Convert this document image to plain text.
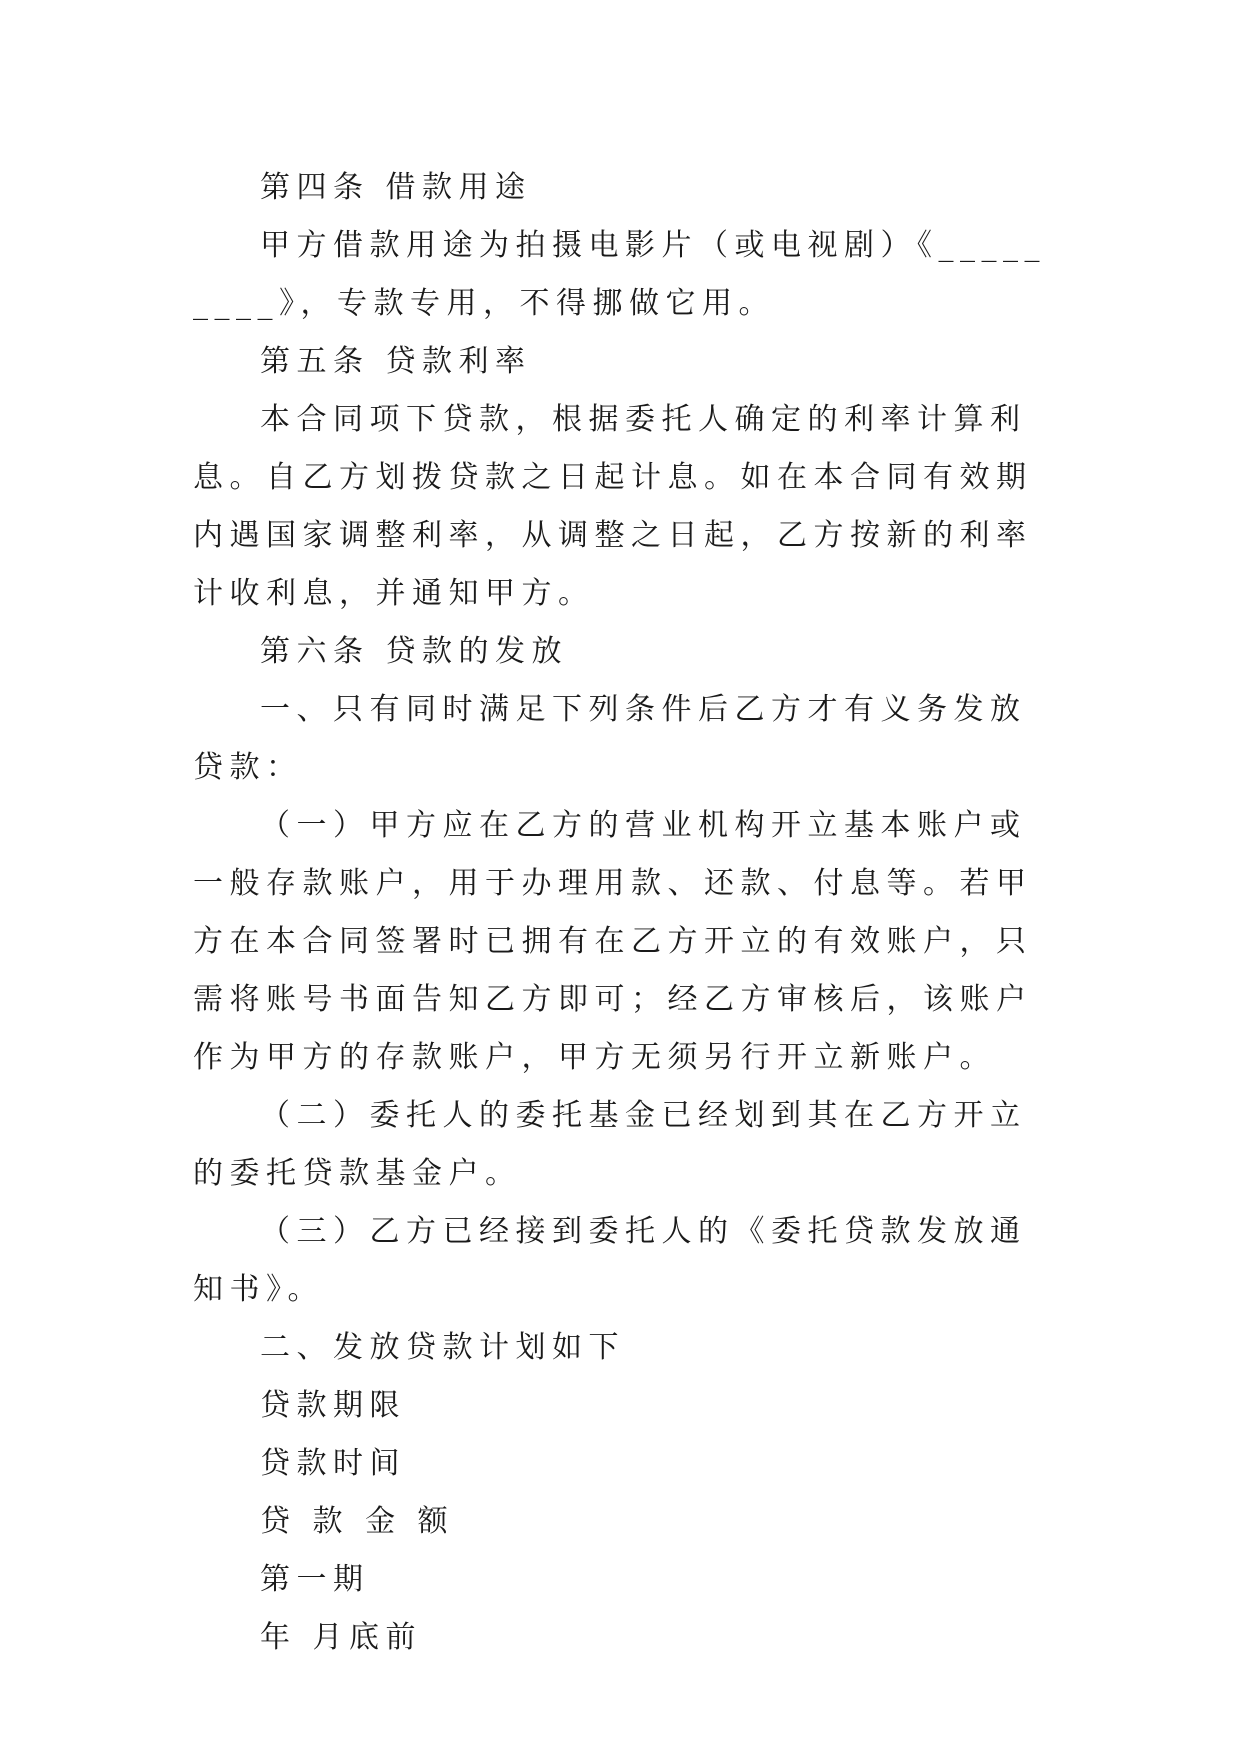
第四条 借款用途

甲方借款用途为拍摄电影片（或电视剧）《_________》，专款专用，不得挪做它用。

第五条 贷款利率

本合同项下贷款，根据委托人确定的利率计算利息。自乙方划拨贷款之日起计息。如在本合同有效期内遇国家调整利率，从调整之日起，乙方按新的利率计收利息，并通知甲方。

第六条 贷款的发放

一、只有同时满足下列条件后乙方才有义务发放贷款：

（一）甲方应在乙方的营业机构开立基本账户或一般存款账户，用于办理用款、还款、付息等。若甲方在本合同签署时已拥有在乙方开立的有效账户，只需将账号书面告知乙方即可；经乙方审核后，该账户作为甲方的存款账户，甲方无须另行开立新账户。

（二）委托人的委托基金已经划到其在乙方开立的委托贷款基金户。

（三）乙方已经接到委托人的《委托贷款发放通知书》。

二、发放贷款计划如下

贷款期限

贷款时间

贷 款 金 额

第一期

年 月底前
